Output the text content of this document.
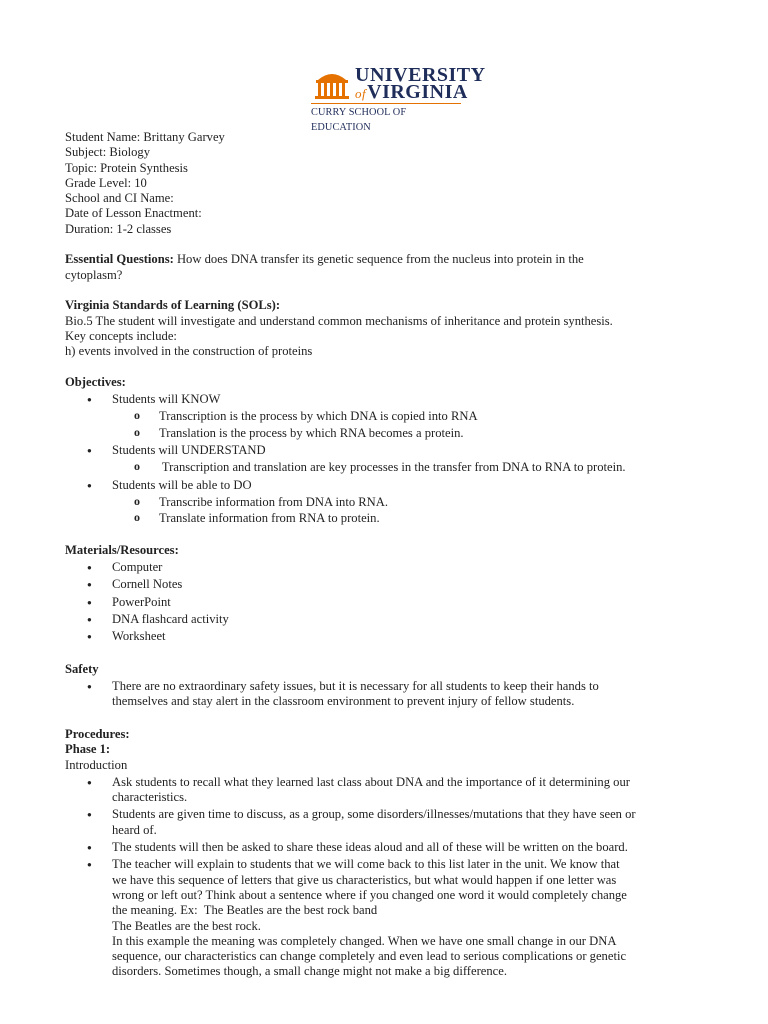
UNIVERSITY
ofVIRGINIA
CURRY SCHOOL OF EDUCATION

Student Name: Brittany Garvey

Subject: Biology

Topic: Protein Synthesis

Grade Level: 10

School and CI Name:

Date of Lesson Enactment:

Duration: 1-2 classes

Essential Questions: How does DNA transfer its genetic sequence from the nucleus into protein in the

cytoplasm?

Virginia Standards of Learning (SOLs):

Bio.5 The student will investigate and understand common mechanisms of inheritance and protein synthesis.

Key concepts include:

h) events involved in the construction of proteins

Objectives:

● Students will KNOW
o Transcription is the process by which DNA is copied into RNA
o Translation is the process by which RNA becomes a protein.
● Students will UNDERSTAND
o  Transcription and translation are key processes in the transfer from DNA to RNA to protein.
● Students will be able to DO
o Transcribe information from DNA into RNA.
o Translate information from RNA to protein.

Materials/Resources:

● Computer
● Cornell Notes
● PowerPoint
● DNA flashcard activity
● Worksheet

Safety

● There are no extraordinary safety issues, but it is necessary for all students to keep their hands to
themselves and stay alert in the classroom environment to prevent injury of fellow students.

Procedures:

Phase 1:

Introduction

● Ask students to recall what they learned last class about DNA and the importance of it determining our
characteristics.
● Students are given time to discuss, as a group, some disorders/illnesses/mutations that they have seen or
heard of.
● The students will then be asked to share these ideas aloud and all of these will be written on the board.
● The teacher will explain to students that we will come back to this list later in the unit. We know that
we have this sequence of letters that give us characteristics, but what would happen if one letter was
wrong or left out? Think about a sentence where if you changed one word it would completely change
the meaning. Ex:  The Beatles are the best rock band
The Beatles are the best rock.
In this example the meaning was completely changed. When we have one small change in our DNA
sequence, our characteristics can change completely and even lead to serious complications or genetic
disorders. Sometimes though, a small change might not make a big difference.
